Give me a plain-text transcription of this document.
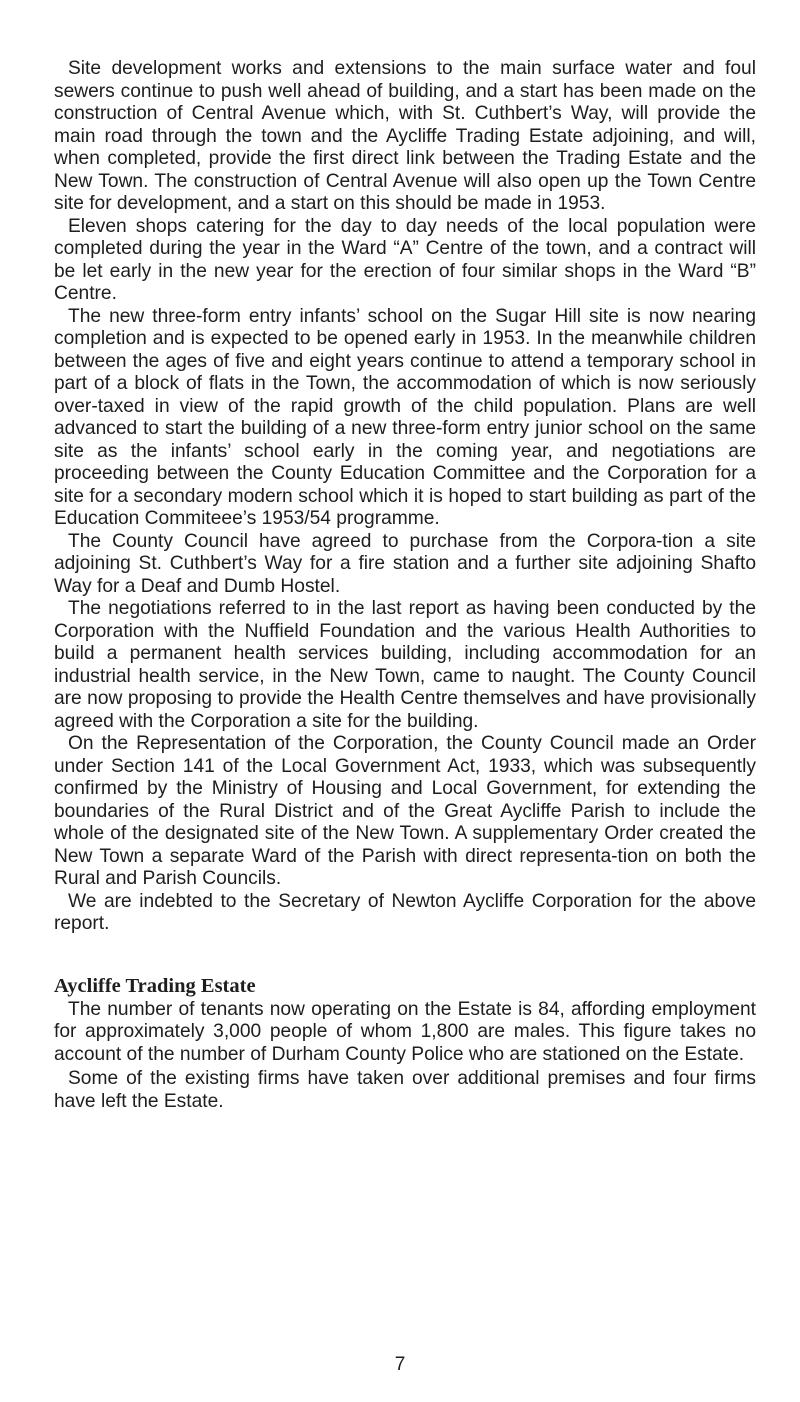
Site development works and extensions to the main surface water and foul sewers continue to push well ahead of building, and a start has been made on the construction of Central Avenue which, with St. Cuthbert’s Way, will provide the main road through the town and the Aycliffe Trading Estate adjoining, and will, when completed, provide the first direct link between the Trading Estate and the New Town. The construction of Central Avenue will also open up the Town Centre site for development, and a start on this should be made in 1953.

Eleven shops catering for the day to day needs of the local population were completed during the year in the Ward “A” Centre of the town, and a contract will be let early in the new year for the erection of four similar shops in the Ward “B” Centre.

The new three-form entry infants’ school on the Sugar Hill site is now nearing completion and is expected to be opened early in 1953. In the meanwhile children between the ages of five and eight years continue to attend a temporary school in part of a block of flats in the Town, the accommodation of which is now seriously over-taxed in view of the rapid growth of the child population. Plans are well advanced to start the building of a new three-form entry junior school on the same site as the infants’ school early in the coming year, and negotiations are proceeding between the County Education Committee and the Corporation for a site for a secondary modern school which it is hoped to start building as part of the Education Commiteee’s 1953/54 programme.

The County Council have agreed to purchase from the Corpora-tion a site adjoining St. Cuthbert’s Way for a fire station and a further site adjoining Shafto Way for a Deaf and Dumb Hostel.

The negotiations referred to in the last report as having been conducted by the Corporation with the Nuffield Foundation and the various Health Authorities to build a permanent health services building, including accommodation for an industrial health service, in the New Town, came to naught. The County Council are now proposing to provide the Health Centre themselves and have provisionally agreed with the Corporation a site for the building.

On the Representation of the Corporation, the County Council made an Order under Section 141 of the Local Government Act, 1933, which was subsequently confirmed by the Ministry of Housing and Local Government, for extending the boundaries of the Rural District and of the Great Aycliffe Parish to include the whole of the designated site of the New Town. A supplementary Order created the New Town a separate Ward of the Parish with direct representa-tion on both the Rural and Parish Councils.

We are indebted to the Secretary of Newton Aycliffe Corporation for the above report.

Aycliffe Trading Estate

The number of tenants now operating on the Estate is 84, affording employment for approximately 3,000 people of whom 1,800 are males. This figure takes no account of the number of Durham County Police who are stationed on the Estate.

Some of the existing firms have taken over additional premises and four firms have left the Estate.

7
